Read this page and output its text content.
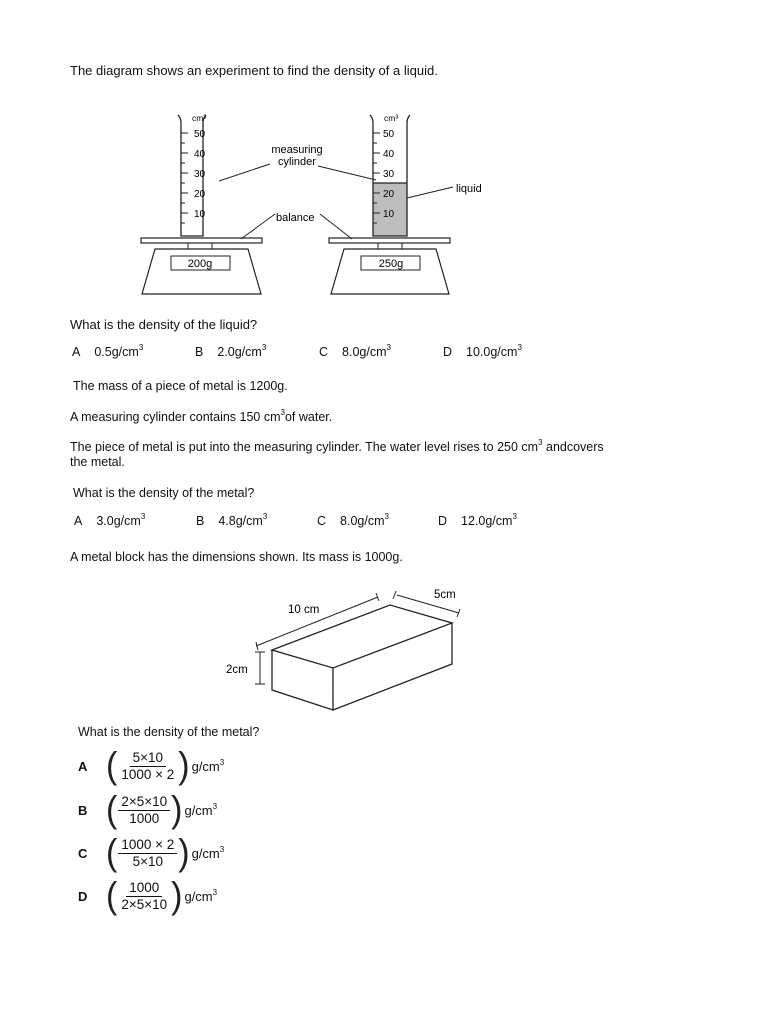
The diagram shows an experiment to find the density of a liquid.
cm³
50
40
30
20
10
200g
cm³
50
40
30
20
10
250g
measuring
cylinder
balance
liquid
What is the density of the liquid?
A $0.5g/cm^3$	B $2.0g/cm^3$	C $8.0g/cm^3$	D $10.0g/cm^3$
The mass of a piece of metal is 1200g.
A measuring cylinder contains 150 $cm^3of$ water.
The piece of metal is put into the measuring cylinder. The water level rises to 250 $cm^3$ andcovers
the metal.
What is the density of the metal?
A $3.0g/cm^3$	B $4.8g/cm^3$	C $8.0g/cm^3$	D $12.0g/cm^3$
A metal block has the dimensions shown. Its mass is 1000g.
10 cm
5cm
2cm
What is the density of the metal?
A ( $\frac{5\times 10}{1000 \times 2}$ ) $g/cm^3$
B ( $\frac{2\times 5\times 10}{1000}$ ) $g/cm^3$
C ( $\frac{1000 \times 2}{5\times 10}$ ) $g/cm^3$
D ( $\frac{1000}{2\times 5\times 10}$ ) $g/cm^3$
